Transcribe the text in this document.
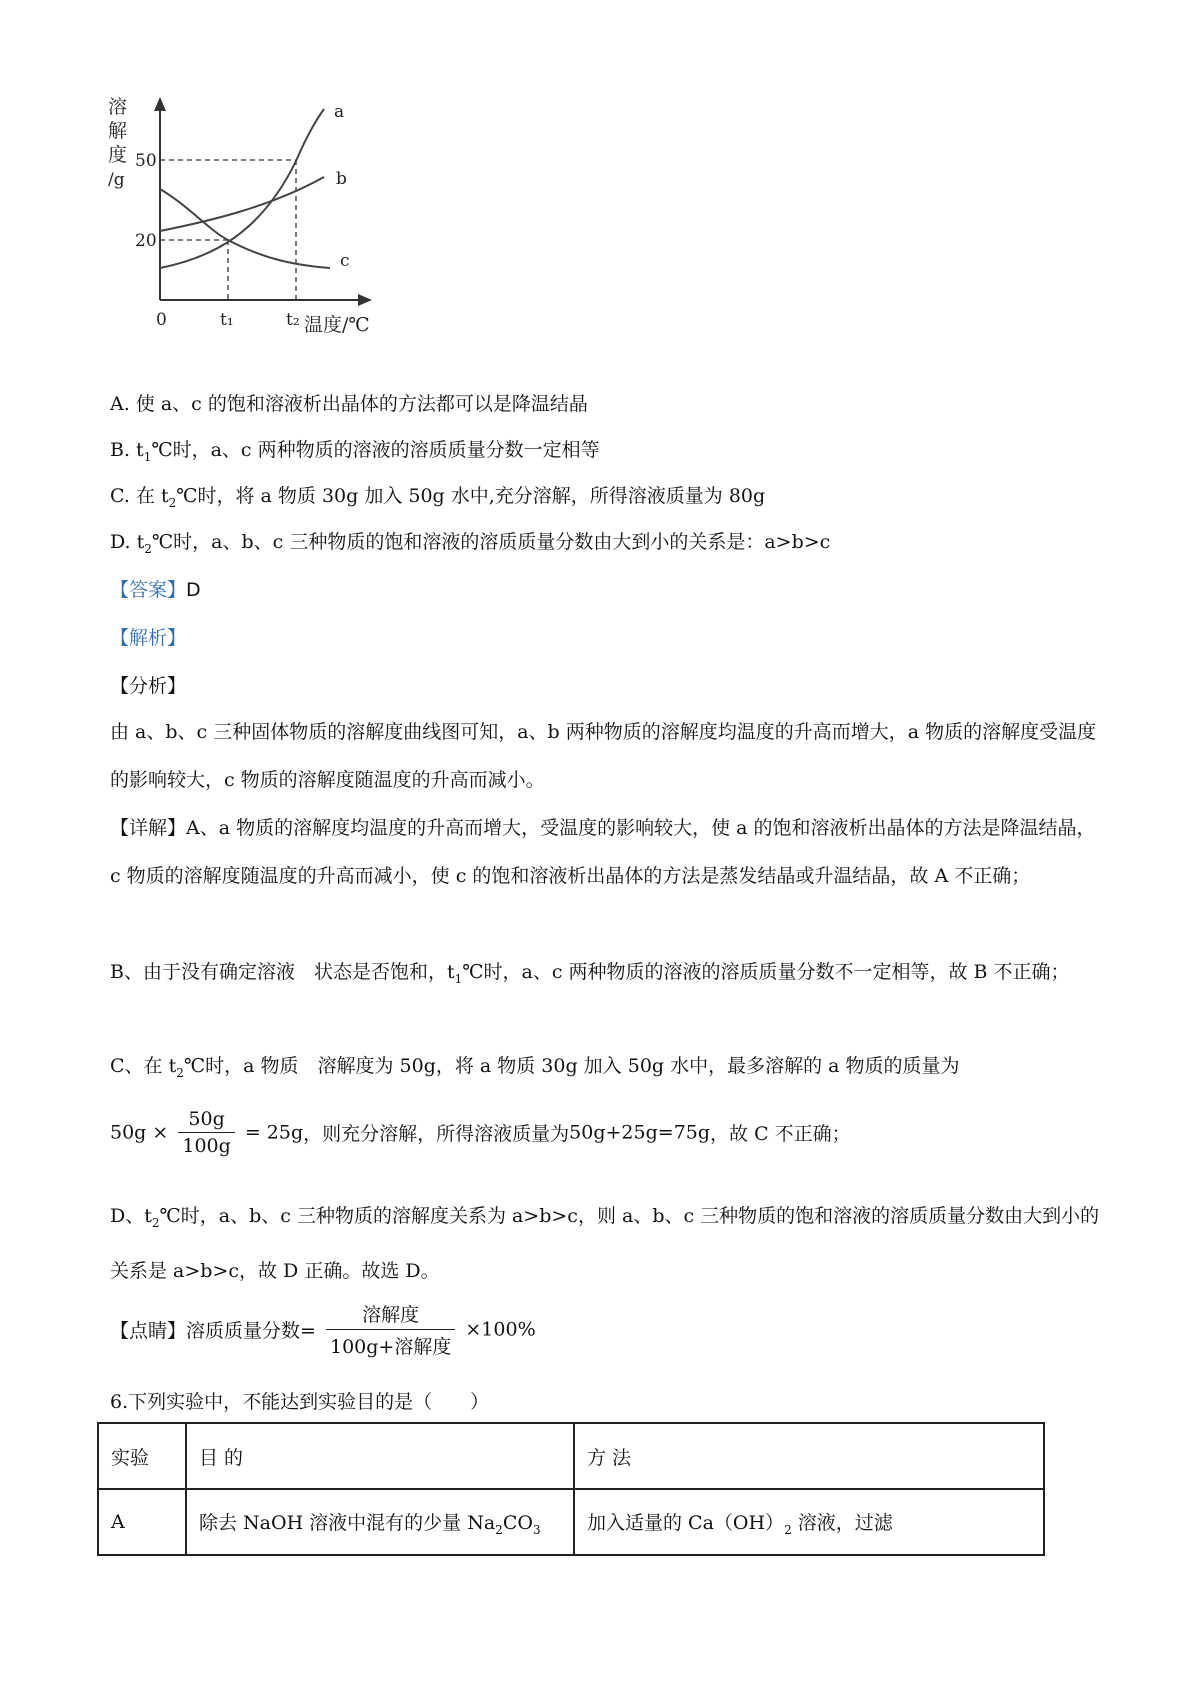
溶
解
度
/g
50
20
0	t₁	t₂ 温度/℃
a
b
c
A. 使 a、c 的饱和溶液析出晶体的方法都可以是降温结晶
B. $t_1℃$时，a、c 两种物质的溶液的溶质质量分数一定相等
C. 在 $t_2℃$时，将 a 物质 30g 加入 50g 水中,充分溶解，所得溶液质量为 80g
D. $t_2℃$时，a、b、c 三种物质的饱和溶液的溶质质量分数由大到小的关系是：a>b>c
【答案】D
【解析】
【分析】
由 a、b、c 三种固体物质的溶解度曲线图可知，a、b 两种物质的溶解度均温度的升高而增大，a 物质的溶解度受温度的影响较大，c 物质的溶解度随温度的升高而减小。
【详解】A、a 物质的溶解度均温度的升高而增大，受温度的影响较大，使 a 的饱和溶液析出晶体的方法是降温结晶，c 物质的溶解度随温度的升高而减小，使 c 的饱和溶液析出晶体的方法是蒸发结晶或升温结晶，故 A 不正确；
B、由于没有确定溶液　状态是否饱和，$t_1℃$时，a、c 两种物质的溶液的溶质质量分数不一定相等，故 B 不正确；
C、在 $t_2℃$时，a 物质　溶解度为 50g，将 a 物质 30g 加入 50g 水中，最多溶解的 a 物质的质量为
$50g \times \frac{50g}{100g} = 25g$，则充分溶解，所得溶液质量为50g+25g=75g，故 C 不正确；
D、$t_2℃$时，a、b、c 三种物质的溶解度关系为 a>b>c，则 a、b、c 三种物质的饱和溶液的溶质质量分数由大到小的关系是 a>b>c，故 D 正确。故选 D。
【点睛】溶质质量分数= $\frac{\text{溶解度}}{\text{100g+溶解度}} \times 100\%$
6.下列实验中，不能达到实验目的是（　　）
实验	目 的	方 法
A	除去 NaOH 溶液中混有的少量 $Na_2CO_3$	加入适量的 $Ca(OH)_2$ 溶液，过滤
